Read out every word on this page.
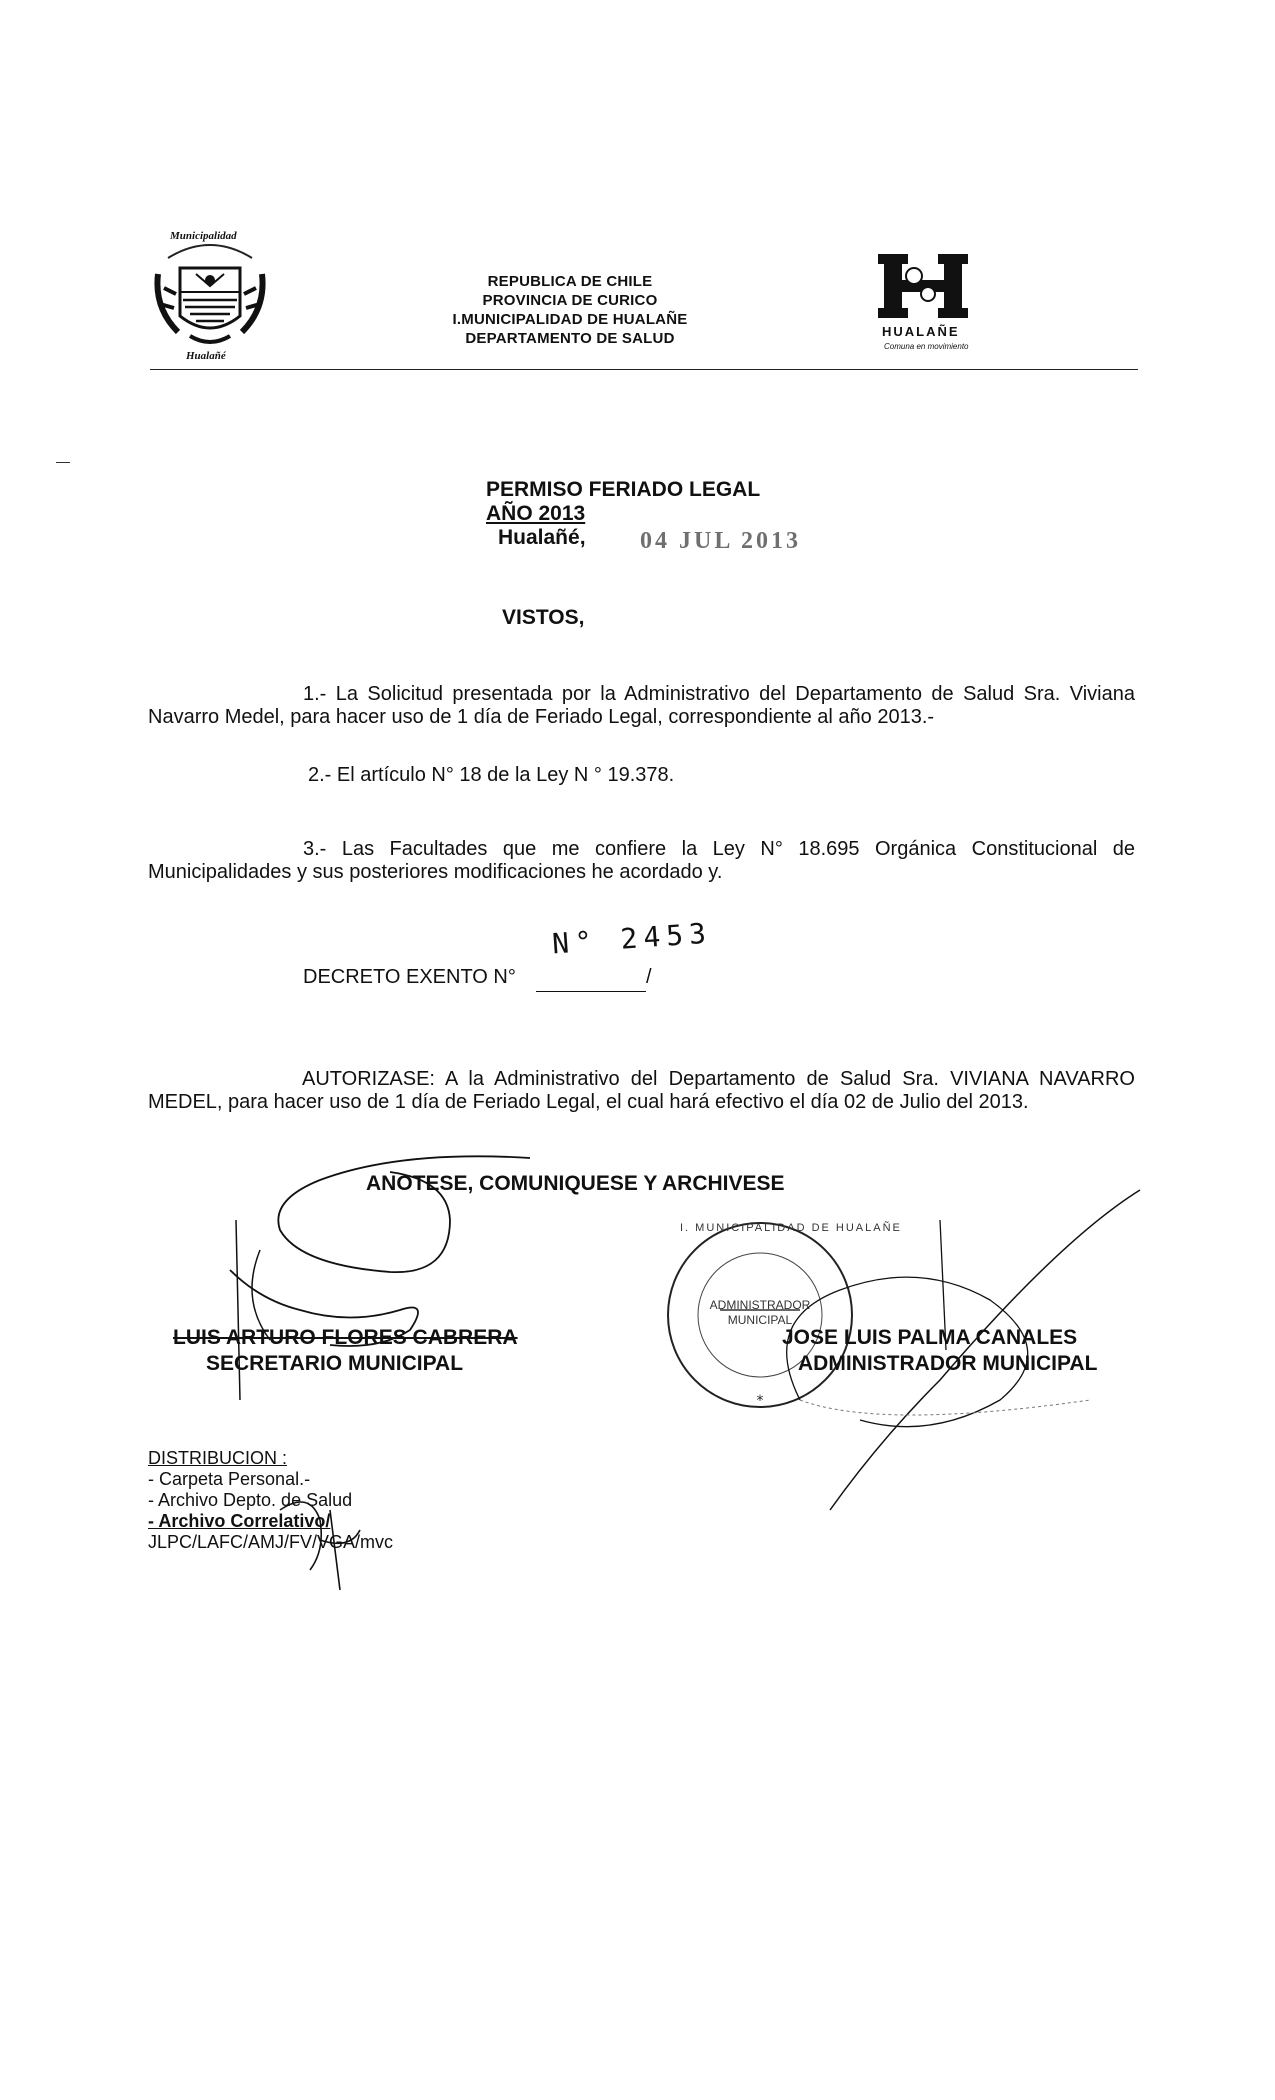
Municipalidad
Hualañé
REPUBLICA DE CHILE
PROVINCIA DE CURICO
I.MUNICIPALIDAD DE HUALAÑE
DEPARTAMENTO DE SALUD	HUALAÑE
Comuna en movimiento
PERMISO FERIADO LEGAL
AÑO 2013
Hualañé, 04 JUL 2013
VISTOS,
1.- La Solicitud presentada por la Administrativo del Departamento de Salud Sra. Viviana Navarro Medel, para hacer uso de 1 día de Feriado Legal, correspondiente al año 2013.-
2.- El artículo N° 18 de la Ley N ° 19.378.
3.- Las Facultades que me confiere la Ley N° 18.695 Orgánica Constitucional de Municipalidades y sus posteriores modificaciones he acordado y.
DECRETO EXENTO N°	/
N° 2453
AUTORIZASE: A la Administrativo del Departamento de Salud Sra. VIVIANA NAVARRO MEDEL, para hacer uso de 1 día de Feriado Legal, el cual hará efectivo el día 02 de Julio del 2013.
ANOTESE, COMUNIQUESE Y ARCHIVESE
LUIS ARTURO FLORES CABRERA
SECRETARIO MUNICIPAL
*
I. MUNICIPALIDAD DE HUALAÑE
ADMINISTRADOR
MUNICIPAL
JOSE LUIS PALMA CANALES
ADMINISTRADOR MUNICIPAL
DISTRIBUCION :
- Carpeta Personal.-
- Archivo Depto. de Salud
- Archivo Correlativo/
JLPC/LAFC/AMJ/FV/VGA/mvc
